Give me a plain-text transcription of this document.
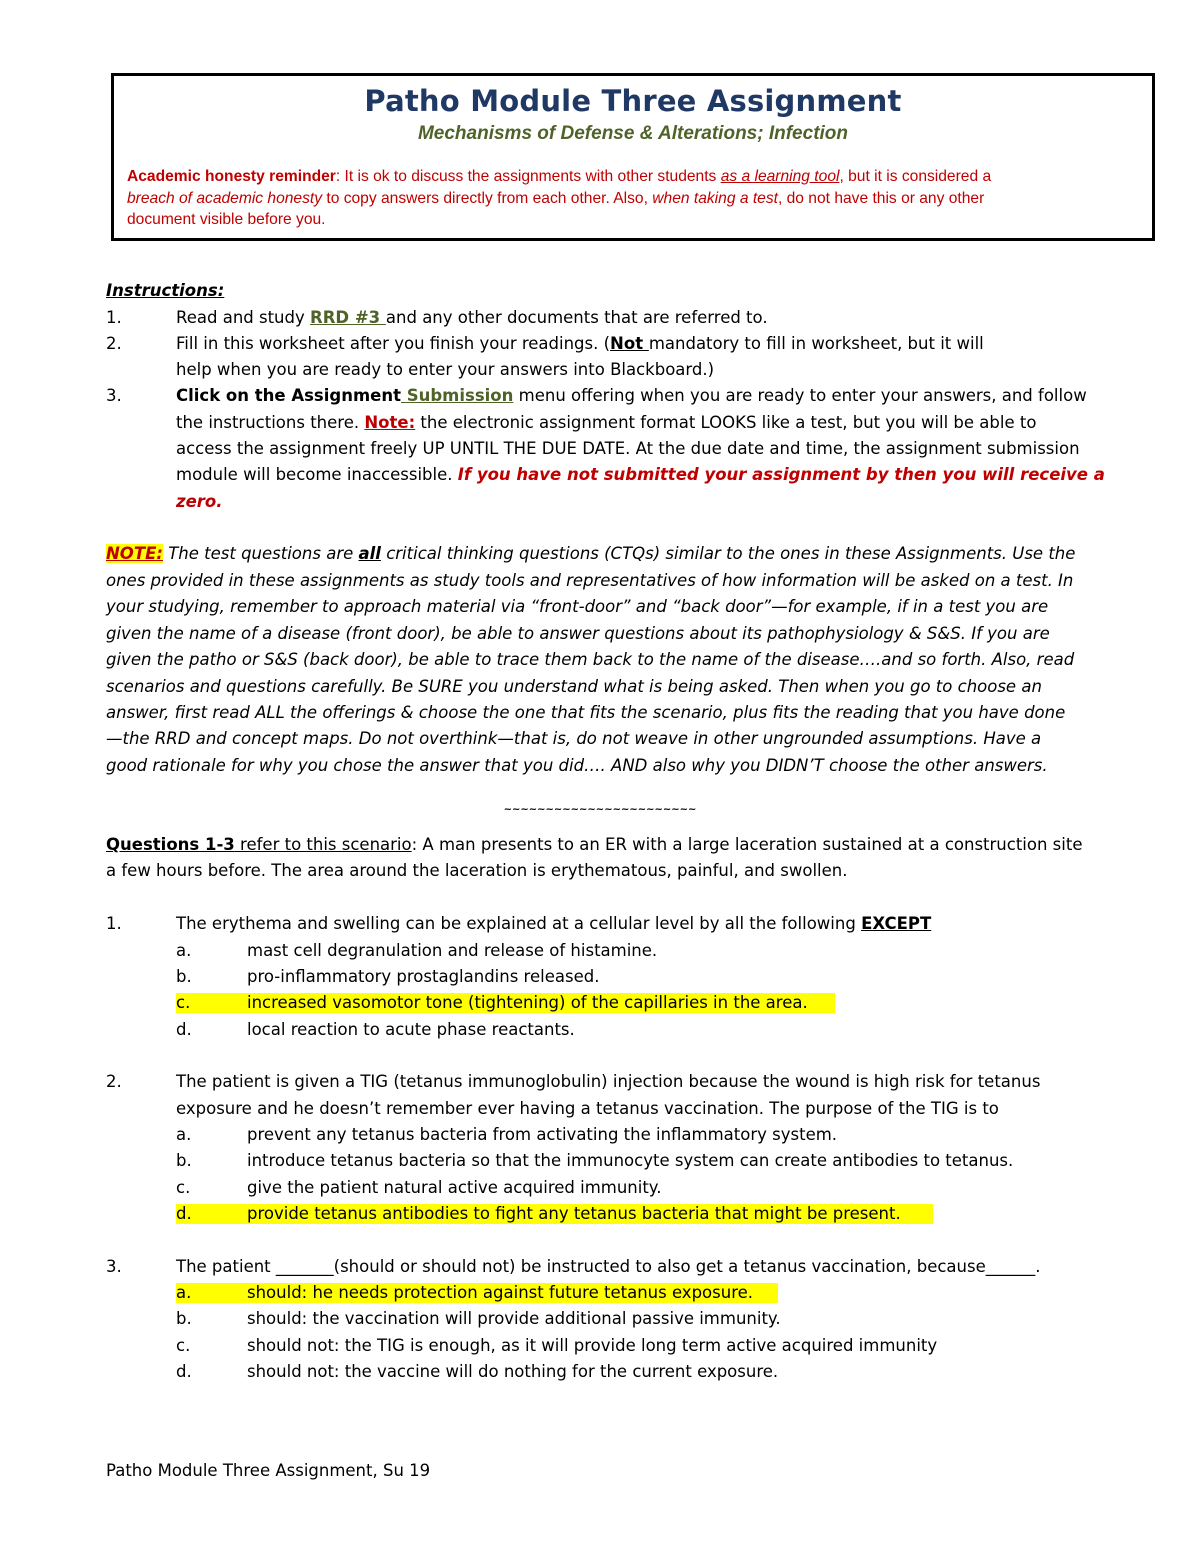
Patho Module Three Assignment
Mechanisms of Defense & Alterations; Infection
Academic honesty reminder: It is ok to discuss the assignments with other students as a learning tool, but it is considered a
breach of academic honesty to copy answers directly from each other. Also, when taking a test, do not have this or any other
document visible before you.
Instructions:
1.	Read and study RRD #3 and any other documents that are referred to.
2.	Fill in this worksheet after you finish your readings. (Not mandatory to fill in worksheet, but it will
help when you are ready to enter your answers into Blackboard.)
3.	Click on the Assignment Submission menu offering when you are ready to enter your answers, and follow
the instructions there. Note: the electronic assignment format LOOKS like a test, but you will be able to
access the assignment freely UP UNTIL THE DUE DATE. At the due date and time, the assignment submission
module will become inaccessible. If you have not submitted your assignment by then you will receive a
zero.
NOTE: The test questions are all critical thinking questions (CTQs) similar to the ones in these Assignments. Use the
ones provided in these assignments as study tools and representatives of how information will be asked on a test. In
your studying, remember to approach material via “front-door” and “back door”—for example, if in a test you are
given the name of a disease (front door), be able to answer questions about its pathophysiology & S&S. If you are
given the patho or S&S (back door), be able to trace them back to the name of the disease….and so forth. Also, read
scenarios and questions carefully. Be SURE you understand what is being asked. Then when you go to choose an
answer, first read ALL the offerings & choose the one that fits the scenario, plus fits the reading that you have done
—the RRD and concept maps. Do not overthink—that is, do not weave in other ungrounded assumptions. Have a
good rationale for why you chose the answer that you did…. AND also why you DIDN’T choose the other answers.
~~~~~~~~~~~~~~~~~~~~~~~
Questions 1-3 refer to this scenario: A man presents to an ER with a large laceration sustained at a construction site
a few hours before. The area around the laceration is erythematous, painful, and swollen.
1.	The erythema and swelling can be explained at a cellular level by all the following EXCEPT
a.	mast cell degranulation and release of histamine.
b.	pro-inflammatory prostaglandins released.
c.	increased vasomotor tone (tightening) of the capillaries in the area.
d.	local reaction to acute phase reactants.
2.	The patient is given a TIG (tetanus immunoglobulin) injection because the wound is high risk for tetanus
exposure and he doesn’t remember ever having a tetanus vaccination. The purpose of the TIG is to
a.	prevent any tetanus bacteria from activating the inflammatory system.
b.	introduce tetanus bacteria so that the immunocyte system can create antibodies to tetanus.
c.	give the patient natural active acquired immunity.
d.	provide tetanus antibodies to fight any tetanus bacteria that might be present.
3.	The patient _______(should or should not) be instructed to also get a tetanus vaccination, because______.
a.	should: he needs protection against future tetanus exposure.
b.	should: the vaccination will provide additional passive immunity.
c.	should not: the TIG is enough, as it will provide long term active acquired immunity
d.	should not: the vaccine will do nothing for the current exposure.
Patho Module Three Assignment, Su 19
